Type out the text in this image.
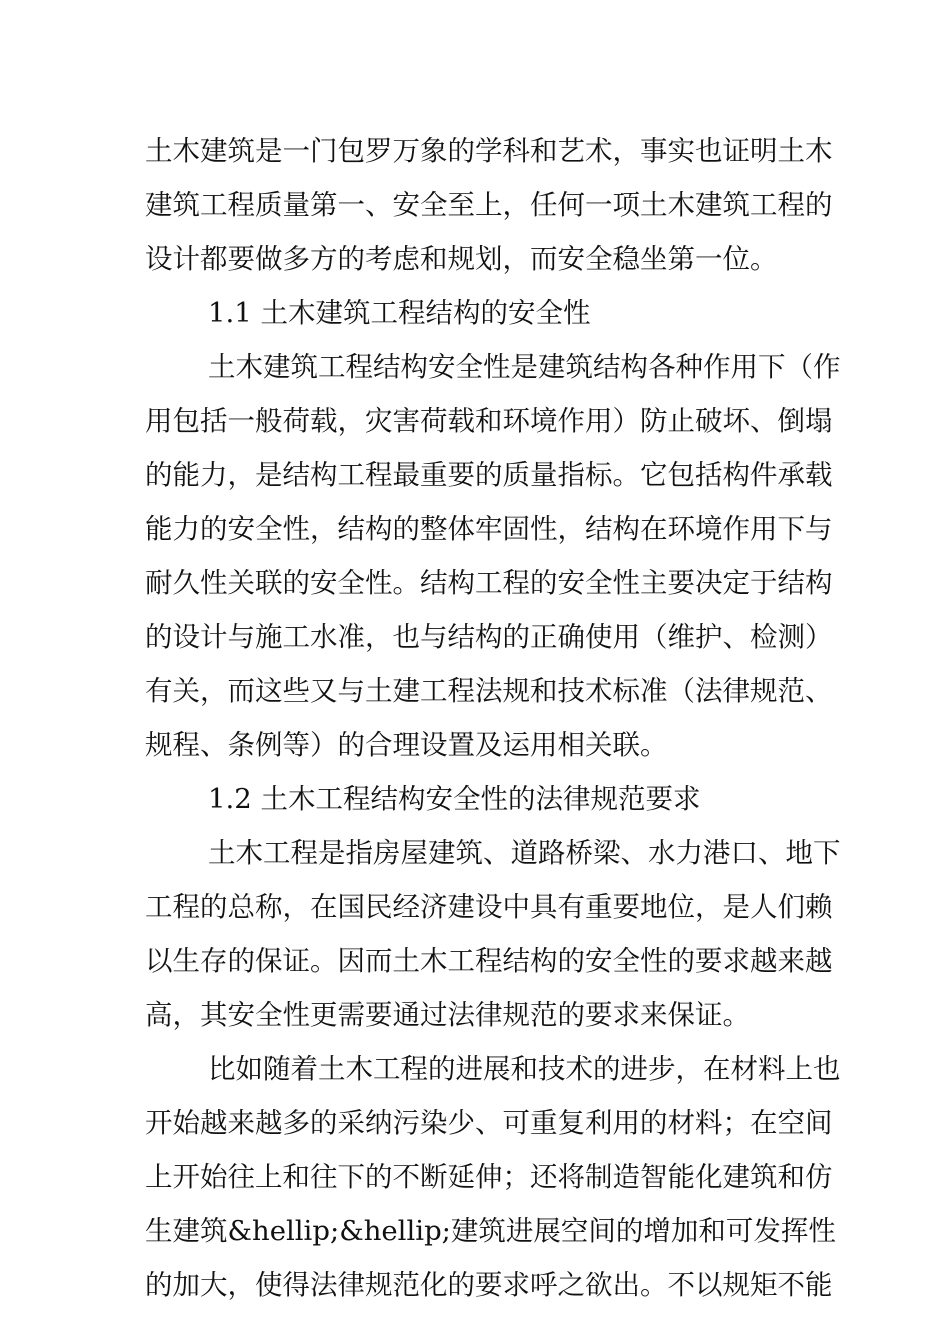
土木建筑是一门包罗万象的学科和艺术，事实也证明土木
建筑工程质量第一、安全至上，任何一项土木建筑工程的
设计都要做多方的考虑和规划，而安全稳坐第一位。
1.1 土木建筑工程结构的安全性
土木建筑工程结构安全性是建筑结构各种作用下（作
用包括一般荷载，灾害荷载和环境作用）防止破坏、倒塌
的能力，是结构工程最重要的质量指标。它包括构件承载
能力的安全性，结构的整体牢固性，结构在环境作用下与
耐久性关联的安全性。结构工程的安全性主要决定于结构
的设计与施工水准，也与结构的正确使用（维护、检测）
有关，而这些又与土建工程法规和技术标准（法律规范、
规程、条例等）的合理设置及运用相关联。
1.2 土木工程结构安全性的法律规范要求
土木工程是指房屋建筑、道路桥梁、水力港口、地下
工程的总称，在国民经济建设中具有重要地位，是人们赖
以生存的保证。因而土木工程结构的安全性的要求越来越
高，其安全性更需要通过法律规范的要求来保证。
比如随着土木工程的进展和技术的进步，在材料上也
开始越来越多的采纳污染少、可重复利用的材料；在空间
上开始往上和往下的不断延伸；还将制造智能化建筑和仿
生建筑&hellip;&hellip;建筑进展空间的增加和可发挥性
的加大，使得法律规范化的要求呼之欲出。不以规矩不能
